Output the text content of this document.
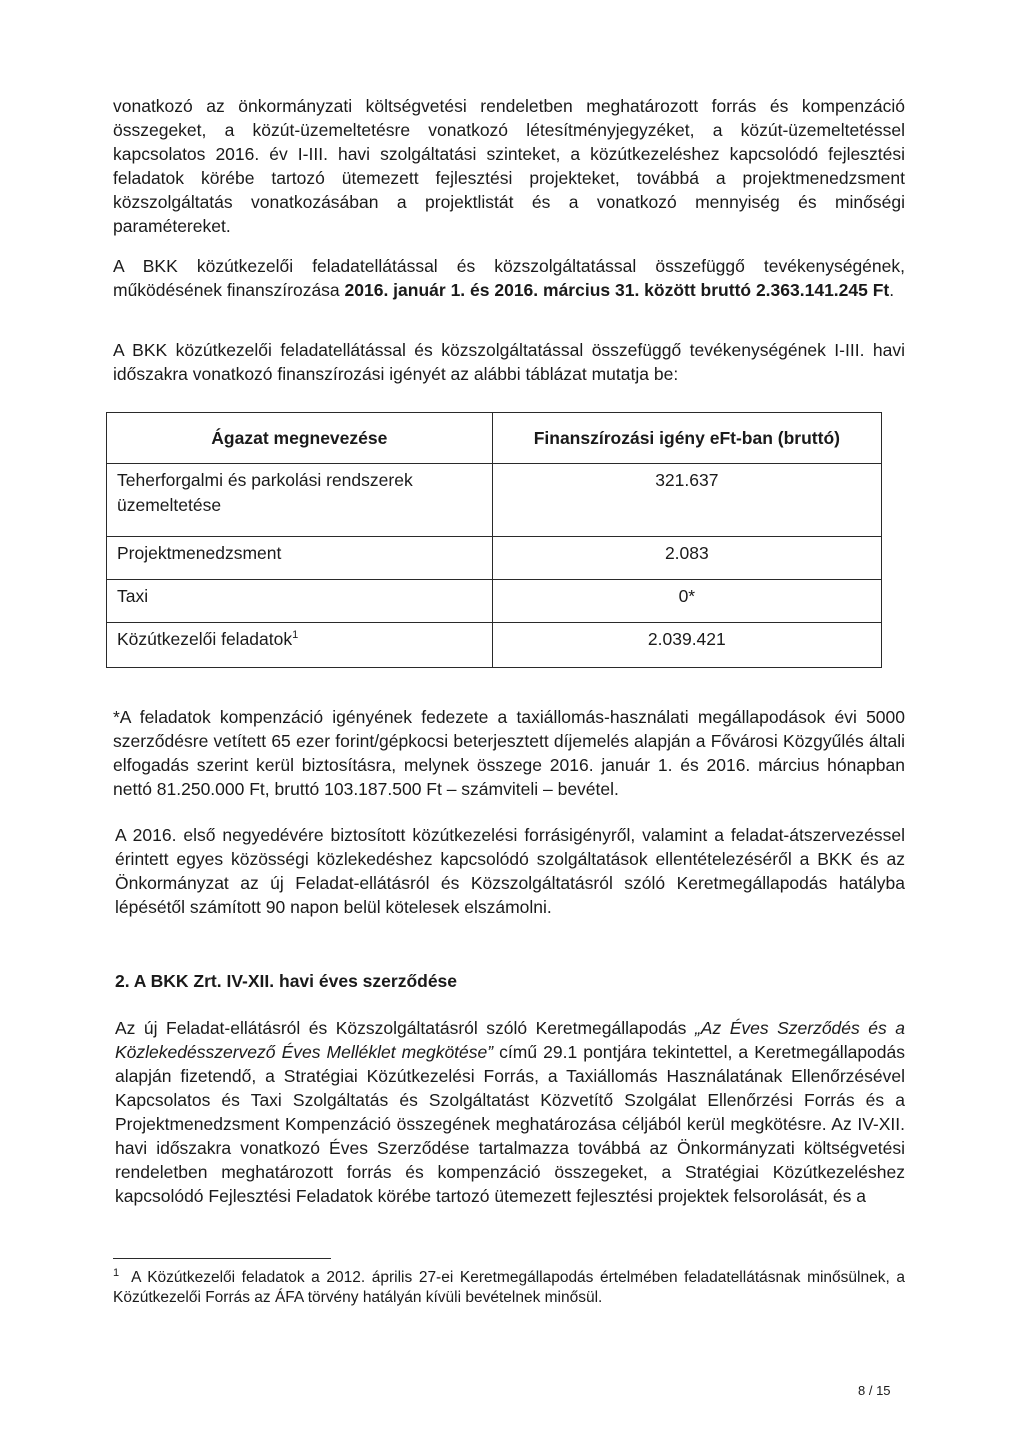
vonatkozó az önkormányzati költségvetési rendeletben meghatározott forrás és kompenzáció összegeket, a közút-üzemeltetésre vonatkozó létesítményjegyzéket, a közút-üzemeltetéssel kapcsolatos 2016. év I-III. havi szolgáltatási szinteket, a közútkezeléshez kapcsolódó fejlesztési feladatok körébe tartozó ütemezett fejlesztési projekteket, továbbá a projektmenedzsment közszolgáltatás vonatkozásában a projektlistát és a vonatkozó mennyiség és minőségi paramétereket.

A BKK közútkezelői feladatellátással és közszolgáltatással összefüggő tevékenységének, működésének finanszírozása 2016. január 1. és 2016. március 31. között bruttó 2.363.141.245 Ft.

A BKK közútkezelői feladatellátással és közszolgáltatással összefüggő tevékenységének I-III. havi időszakra vonatkozó finanszírozási igényét az alábbi táblázat mutatja be:

Ágazat megnevezése	Finanszírozási igény eFt-ban (bruttó)
Teherforgalmi és parkolási rendszerek üzemeltetése	321.637
Projektmenedzsment	2.083
Taxi	0*
Közútkezelői feladatok$^1$	2.039.421

*A feladatok kompenzáció igényének fedezete a taxiállomás-használati megállapodások évi 5000 szerződésre vetített 65 ezer forint/gépkocsi beterjesztett díjemelés alapján a Fővárosi Közgyűlés általi elfogadás szerint kerül biztosításra, melynek összege 2016. január 1. és 2016. március hónapban nettó 81.250.000 Ft, bruttó 103.187.500 Ft – számviteli – bevétel.

A 2016. első negyedévére biztosított közútkezelési forrásigényről, valamint a feladat-átszervezéssel érintett egyes közösségi közlekedéshez kapcsolódó szolgáltatások ellentételezéséről a BKK és az Önkormányzat az új Feladat-ellátásról és Közszolgáltatásról szóló Keretmegállapodás hatályba lépésétől számított 90 napon belül kötelesek elszámolni.

2. A BKK Zrt. IV-XII. havi éves szerződése

Az új Feladat-ellátásról és Közszolgáltatásról szóló Keretmegállapodás „Az Éves Szerződés és a Közlekedésszervező Éves Melléklet megkötése” című 29.1 pontjára tekintettel, a Keretmegállapodás alapján fizetendő, a Stratégiai Közútkezelési Forrás, a Taxiállomás Használatának Ellenőrzésével Kapcsolatos és Taxi Szolgáltatás és Szolgáltatást Közvetítő Szolgálat Ellenőrzési Forrás és a Projektmenedzsment Kompenzáció összegének meghatározása céljából kerül megkötésre. Az IV-XII. havi időszakra vonatkozó Éves Szerződése tartalmazza továbbá az Önkormányzati költségvetési rendeletben meghatározott forrás és kompenzáció összegeket, a Stratégiai Közútkezeléshez kapcsolódó Fejlesztési Feladatok körébe tartozó ütemezett fejlesztési projektek felsorolását, és a

$^1$ A Közútkezelői feladatok a 2012. április 27-ei Keretmegállapodás értelmében feladatellátásnak minősülnek, a Közútkezelői Forrás az ÁFA törvény hatályán kívüli bevételnek minősül.

8 / 15
